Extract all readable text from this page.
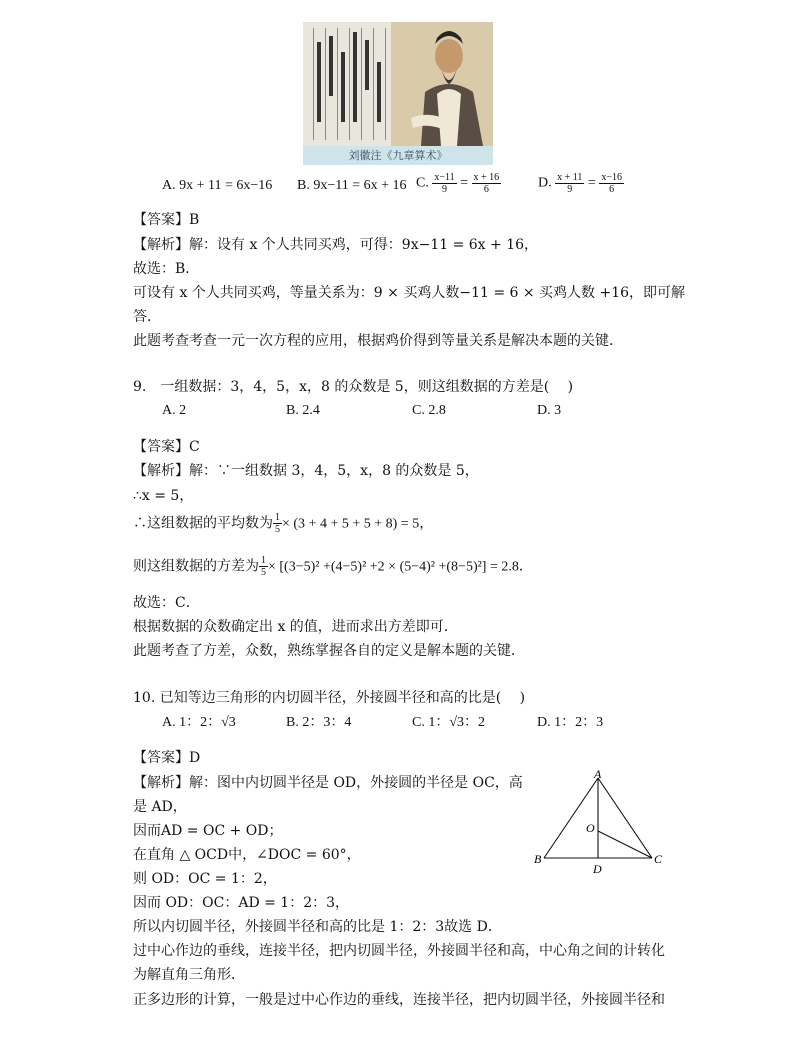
刘徽注《九章算术》
A. 9x + 11 = 6x−16 B. 9x−11 = 6x + 16 C. $\frac{x-11}{9} = \frac{x + 16}{6}$	D. $\frac{x + 11}{9} = \frac{x-16}{6}$
【答案】B
【解析】解：设有 x 个人共同买鸡，可得：9x−11 = 6x + 16，
故选：B．
可设有 x 个人共同买鸡，等量关系为：9 × 买鸡人数−11 = 6 × 买鸡人数 +16，即可解
答．
此题考查考查一元一次方程的应用，根据鸡价得到等量关系是解决本题的关键．
9.　一组数据：3，4，5，x，8 的众数是 5，则这组数据的方差是(　 )
A. 2	B. 2.4	C. 2.8	D. 3
【答案】C
【解析】解：∵一组数据 3，4，5，x，8 的众数是 5，
∴x = 5，
∴这组数据的平均数为 $\frac{1}{5} \times (3 + 4 + 5 + 5 + 8) = 5$，
则这组数据的方差为 $\frac{1}{5} \times [(3-5)^2 +(4-5)^2 +2 \times (5-4)^2 +(8-5)^2] = 2.8$．
故选：C．
根据数据的众数确定出 x 的值，进而求出方差即可．
此题考查了方差，众数，熟练掌握各自的定义是解本题的关键．
10. 已知等边三角形的内切圆半径，外接圆半径和高的比是(　 )
A. 1：2：√3	B. 2：3：4	C. 1：√3：2	D. 1：2：3
【答案】D
【解析】解：图中内切圆半径是 OD，外接圆的半径是 OC，高
是 AD，
因而AD = OC + OD；
在直角 △ OCD中，∠DOC = 60°，
则 OD：OC = 1：2，
因而 OD：OC：AD = 1：2：3，
所以内切圆半径，外接圆半径和高的比是 1：2：3故选 D．
过中心作边的垂线，连接半径，把内切圆半径，外接圆半径和高，中心角之间的计转化
为解直角三角形．
正多边形的计算，一般是过中心作边的垂线，连接半径，把内切圆半径，外接圆半径和
A
B	C
D
O
